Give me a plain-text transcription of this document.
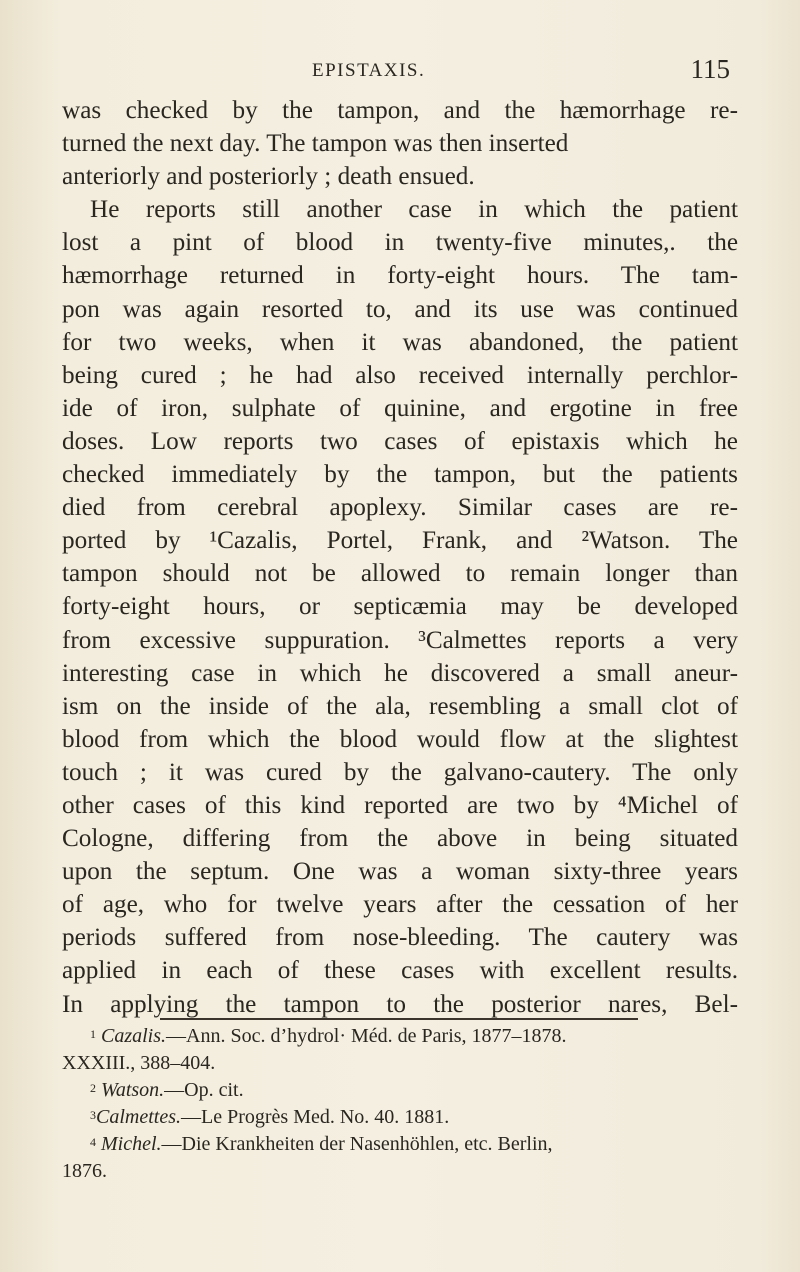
EPISTAXIS.	115
was checked by the tampon, and the hæmorrhage re-
turned the next day. The tampon was then inserted
anteriorly and posteriorly ; death ensued.
He reports still another case in which the patient
lost a pint of blood in twenty-five minutes,. the
hæmorrhage returned in forty-eight hours. The tam-
pon was again resorted to, and its use was continued
for two weeks, when it was abandoned, the patient
being cured ; he had also received internally perchlor-
ide of iron, sulphate of quinine, and ergotine in free
doses. Low reports two cases of epistaxis which he
checked immediately by the tampon, but the patients
died from cerebral apoplexy. Similar cases are re-
ported by ¹Cazalis, Portel, Frank, and ²Watson. The
tampon should not be allowed to remain longer than
forty-eight hours, or septicæmia may be developed
from excessive suppuration. ³Calmettes reports a very
interesting case in which he discovered a small aneur-
ism on the inside of the ala, resembling a small clot of
blood from which the blood would flow at the slightest
touch ; it was cured by the galvano-cautery. The only
other cases of this kind reported are two by ⁴Michel of
Cologne, differing from the above in being situated
upon the septum. One was a woman sixty-three years
of age, who for twelve years after the cessation of her
periods suffered from nose-bleeding. The cautery was
applied in each of these cases with excellent results.
In applying the tampon to the posterior nares, Bel-
$^1$ Cazalis.—Ann. Soc. d’hydrol· Méd. de Paris, 1877–1878.
XXXIII., 388–404.
$^2$ Watson.—Op. cit.
$^3$Calmettes.—Le Progrès Med. No. 40. 1881.
$^4$ Michel.—Die Krankheiten der Nasenhöhlen, etc. Berlin,
1876.
